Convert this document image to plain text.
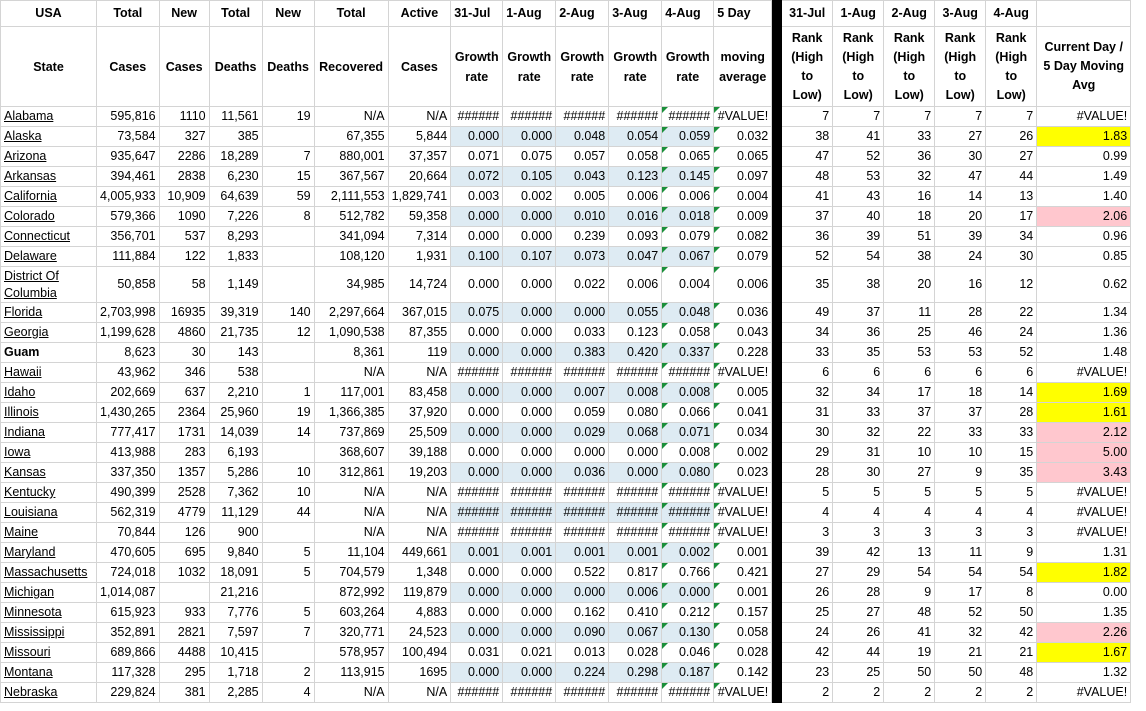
USA	Total	New	Total	New	Total	Active	31-Jul	1-Aug	2-Aug	3-Aug	4-Aug	5 Day		31-Jul	1-Aug	2-Aug	3-Aug	4-Aug	
State	Cases	Cases	Deaths	Deaths	Recovered	Cases	Growth rate	Growth rate	Growth rate	Growth rate	Growth rate	moving average		Rank (High to Low)	Rank (High to Low)	Rank (High to Low)	Rank (High to Low)	Rank (High to Low)	Current Day / 5 Day Moving Avg
Alabama	595,816	1110	11,561	19	N/A	N/A	######	######	######	######	######	#VALUE!		7	7	7	7	7	#VALUE!
Alaska	73,584	327	385		67,355	5,844	0.000	0.000	0.048	0.054	0.059	0.032		38	41	33	27	26	1.83
Arizona	935,647	2286	18,289	7	880,001	37,357	0.071	0.075	0.057	0.058	0.065	0.065		47	52	36	30	27	0.99
Arkansas	394,461	2838	6,230	15	367,567	20,664	0.072	0.105	0.043	0.123	0.145	0.097		48	53	32	47	44	1.49
California	4,005,933	10,909	64,639	59	2,111,553	1,829,741	0.003	0.002	0.005	0.006	0.006	0.004		41	43	16	14	13	1.40
Colorado	579,366	1090	7,226	8	512,782	59,358	0.000	0.000	0.010	0.016	0.018	0.009		37	40	18	20	17	2.06
Connecticut	356,701	537	8,293		341,094	7,314	0.000	0.000	0.239	0.093	0.079	0.082		36	39	51	39	34	0.96
Delaware	111,884	122	1,833		108,120	1,931	0.100	0.107	0.073	0.047	0.067	0.079		52	54	38	24	30	0.85
District Of Columbia	50,858	58	1,149		34,985	14,724	0.000	0.000	0.022	0.006	0.004	0.006		35	38	20	16	12	0.62
Florida	2,703,998	16935	39,319	140	2,297,664	367,015	0.075	0.000	0.000	0.055	0.048	0.036		49	37	11	28	22	1.34
Georgia	1,199,628	4860	21,735	12	1,090,538	87,355	0.000	0.000	0.033	0.123	0.058	0.043		34	36	25	46	24	1.36
Guam	8,623	30	143		8,361	119	0.000	0.000	0.383	0.420	0.337	0.228		33	35	53	53	52	1.48
Hawaii	43,962	346	538		N/A	N/A	######	######	######	######	######	#VALUE!		6	6	6	6	6	#VALUE!
Idaho	202,669	637	2,210	1	117,001	83,458	0.000	0.000	0.007	0.008	0.008	0.005		32	34	17	18	14	1.69
Illinois	1,430,265	2364	25,960	19	1,366,385	37,920	0.000	0.000	0.059	0.080	0.066	0.041		31	33	37	37	28	1.61
Indiana	777,417	1731	14,039	14	737,869	25,509	0.000	0.000	0.029	0.068	0.071	0.034		30	32	22	33	33	2.12
Iowa	413,988	283	6,193		368,607	39,188	0.000	0.000	0.000	0.000	0.008	0.002		29	31	10	10	15	5.00
Kansas	337,350	1357	5,286	10	312,861	19,203	0.000	0.000	0.036	0.000	0.080	0.023		28	30	27	9	35	3.43
Kentucky	490,399	2528	7,362	10	N/A	N/A	######	######	######	######	######	#VALUE!		5	5	5	5	5	#VALUE!
Louisiana	562,319	4779	11,129	44	N/A	N/A	######	######	######	######	######	#VALUE!		4	4	4	4	4	#VALUE!
Maine	70,844	126	900		N/A	N/A	######	######	######	######	######	#VALUE!		3	3	3	3	3	#VALUE!
Maryland	470,605	695	9,840	5	11,104	449,661	0.001	0.001	0.001	0.001	0.002	0.001		39	42	13	11	9	1.31
Massachusetts	724,018	1032	18,091	5	704,579	1,348	0.000	0.000	0.522	0.817	0.766	0.421		27	29	54	54	54	1.82
Michigan	1,014,087		21,216		872,992	119,879	0.000	0.000	0.000	0.006	0.000	0.001		26	28	9	17	8	0.00
Minnesota	615,923	933	7,776	5	603,264	4,883	0.000	0.000	0.162	0.410	0.212	0.157		25	27	48	52	50	1.35
Mississippi	352,891	2821	7,597	7	320,771	24,523	0.000	0.000	0.090	0.067	0.130	0.058		24	26	41	32	42	2.26
Missouri	689,866	4488	10,415		578,957	100,494	0.031	0.021	0.013	0.028	0.046	0.028		42	44	19	21	21	1.67
Montana	117,328	295	1,718	2	113,915	1695	0.000	0.000	0.224	0.298	0.187	0.142		23	25	50	50	48	1.32
Nebraska	229,824	381	2,285	4	N/A	N/A	######	######	######	######	######	#VALUE!		2	2	2	2	2	#VALUE!
